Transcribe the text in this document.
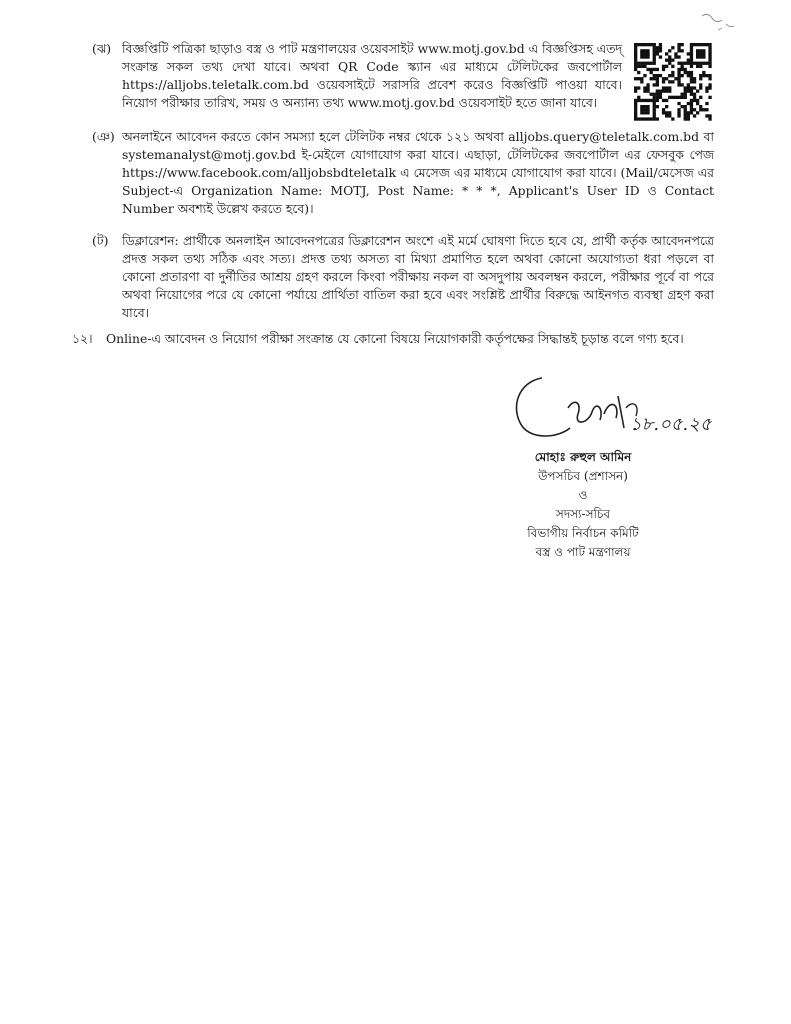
(ঝ) বিজ্ঞপ্তিটি পত্রিকা ছাড়াও বস্ত্র ও পাট মন্ত্রণালয়ের ওয়েবসাইট www.motj.gov.bd এ বিজ্ঞপ্তিসহ এতদ্ সংক্রান্ত সকল তথ্য দেখা যাবে। অথবা QR Code স্ক্যান এর মাধ্যমে টেলিটকের জবপোর্টাল https://alljobs.teletalk.com.bd ওয়েবসাইটে সরাসরি প্রবেশ করেও বিজ্ঞপ্তিটি পাওয়া যাবে। নিয়োগ পরীক্ষার তারিখ, সময় ও অন্যান্য তথ্য www.motj.gov.bd ওয়েবসাইট হতে জানা যাবে।
(ঞ) অনলাইনে আবেদন করতে কোন সমস্যা হলে টেলিটক নম্বর থেকে ১২১ অথবা alljobs.query@teletalk.com.bd বা systemanalyst@motj.gov.bd ই-মেইলে যোগাযোগ করা যাবে। এছাড়া, টেলিটকের জবপোর্টাল এর ফেসবুক পেজ https://www.facebook.com/alljobsbdteletalk এ মেসেজ এর মাধ্যমে যোগাযোগ করা যাবে। (Mail/মেসেজ এর Subject-এ Organization Name: MOTJ, Post Name: * * *, Applicant's User ID ও Contact Number অবশ্যই উল্লেখ করতে হবে)।
(ট) ডিক্লারেশন: প্রার্থীকে অনলাইন আবেদনপত্রের ডিক্লারেশন অংশে এই মর্মে ঘোষণা দিতে হবে যে, প্রার্থী কর্তৃক আবেদনপত্রে প্রদত্ত সকল তথ্য সঠিক এবং সত্য। প্রদত্ত তথ্য অসত্য বা মিথ্যা প্রমাণিত হলে অথবা কোনো অযোগ্যতা ধরা পড়লে বা কোনো প্রতারণা বা দুর্নীতির আশ্রয় গ্রহণ করলে কিংবা পরীক্ষায় নকল বা অসদুপায় অবলম্বন করলে, পরীক্ষার পূর্বে বা পরে অথবা নিয়োগের পরে যে কোনো পর্যায়ে প্রার্থিতা বাতিল করা হবে এবং সংশ্লিষ্ট প্রার্থীর বিরুদ্ধে আইনগত ব্যবস্থা গ্রহণ করা যাবে।
১২। Online-এ আবেদন ও নিয়োগ পরীক্ষা সংক্রান্ত যে কোনো বিষয়ে নিয়োগকারী কর্তৃপক্ষের সিদ্ধান্তই চূড়ান্ত বলে গণ্য হবে।
১৮.০৫.২৫
মোহাঃ রুহুল আমিন
উপসচিব (প্রশাসন)
ও
সদস্য-সচিব
বিভাগীয় নির্বাচন কমিটি
বস্ত্র ও পাট মন্ত্রণালয়
